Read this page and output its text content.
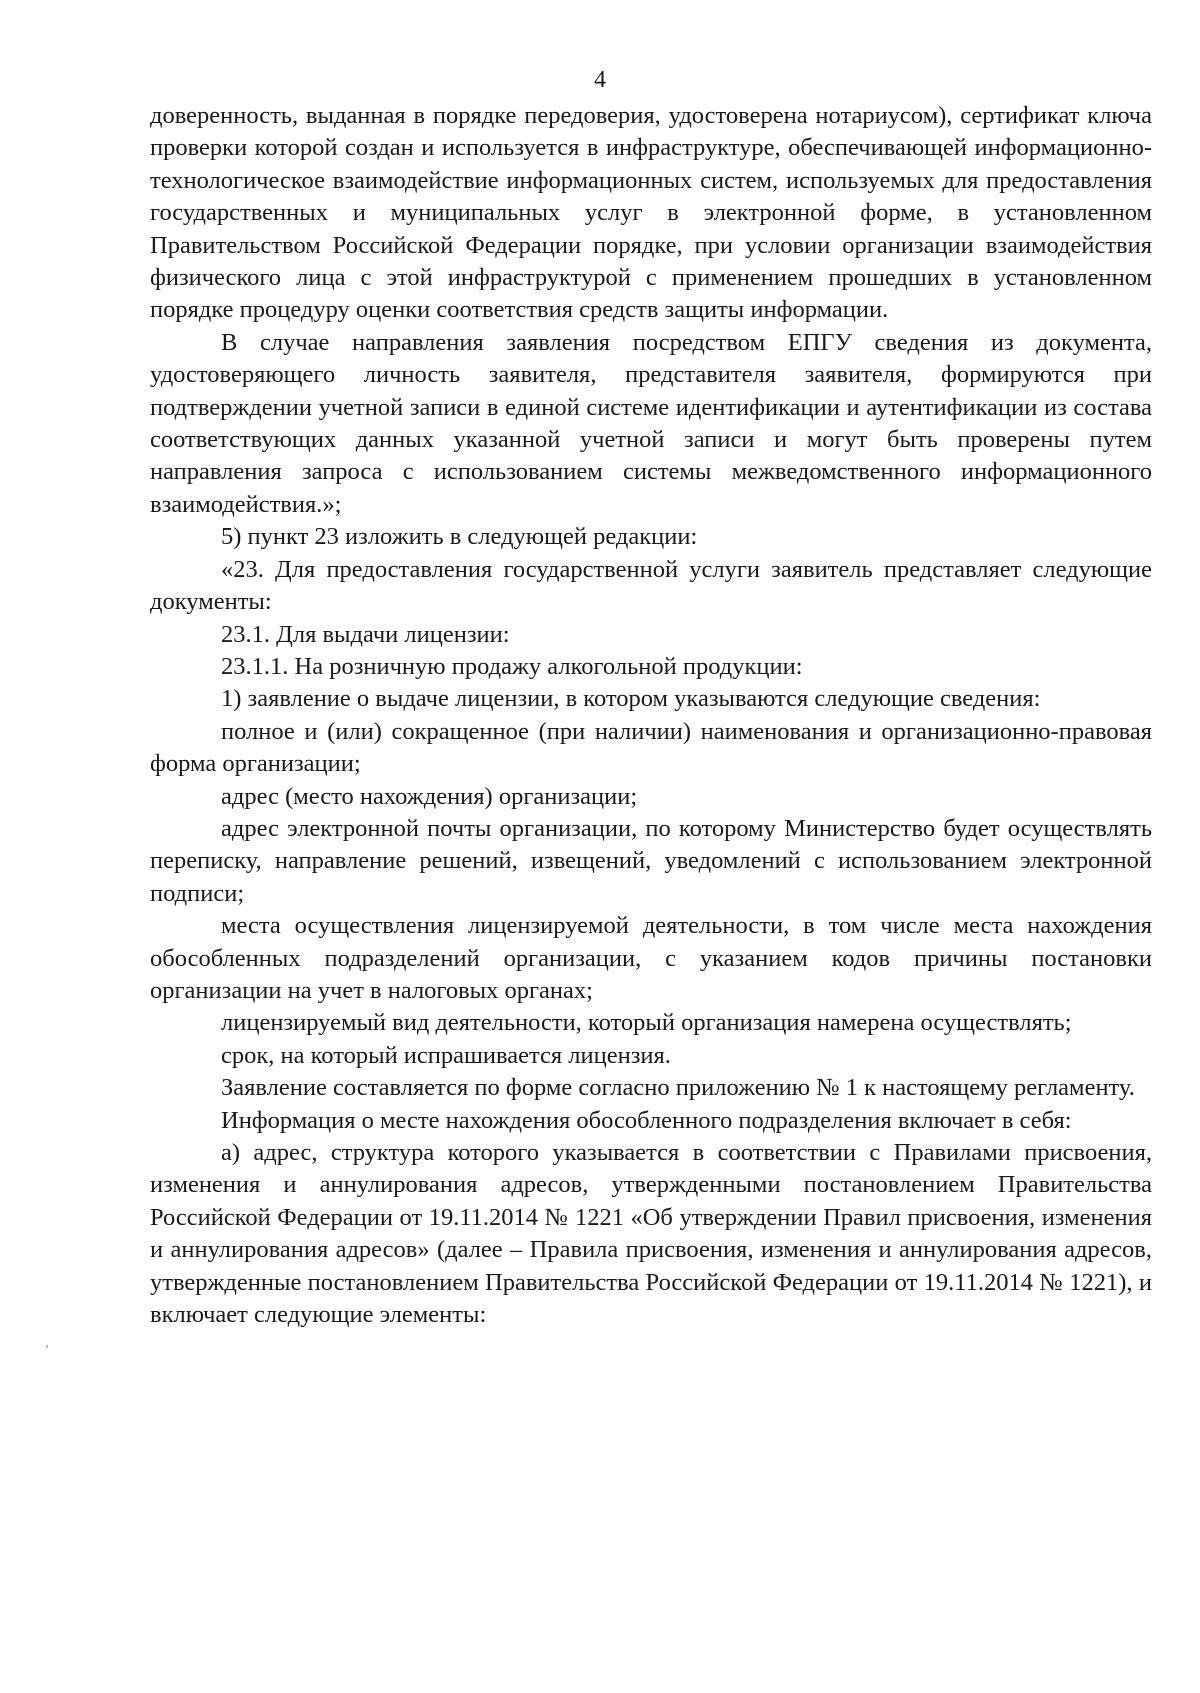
4

доверенность, выданная в порядке передоверия, удостоверена нотариусом), сертификат ключа проверки которой создан и используется в инфраструктуре, обеспечивающей информационно-технологическое взаимодействие информационных систем, используемых для предоставления государственных и муниципальных услуг в электронной форме, в установленном Правительством Российской Федерации порядке, при условии организации взаимодействия физического лица с этой инфраструктурой с применением прошедших в установленном порядке процедуру оценки соответствия средств защиты информации.

В случае направления заявления посредством ЕПГУ сведения из документа, удостоверяющего личность заявителя, представителя заявителя, формируются при подтверждении учетной записи в единой системе идентификации и аутентификации из состава соответствующих данных указанной учетной записи и могут быть проверены путем направления запроса с использованием системы межведомственного информационного взаимодействия.»;

5) пункт 23 изложить в следующей редакции:

«23. Для предоставления государственной услуги заявитель представляет следующие документы:

23.1. Для выдачи лицензии:

23.1.1. На розничную продажу алкогольной продукции:

1) заявление о выдаче лицензии, в котором указываются следующие сведения:

полное и (или) сокращенное (при наличии) наименования и организационно-правовая форма организации;

адрес (место нахождения) организации;

адрес электронной почты организации, по которому Министерство будет осуществлять переписку, направление решений, извещений, уведомлений с использованием электронной подписи;

места осуществления лицензируемой деятельности, в том числе места нахождения обособленных подразделений организации, с указанием кодов причины постановки организации на учет в налоговых органах;

лицензируемый вид деятельности, который организация намерена осуществлять;

срок, на который испрашивается лицензия.

Заявление составляется по форме согласно приложению № 1 к настоящему регламенту.

Информация о месте нахождения обособленного подразделения включает в себя:

а) адрес, структура которого указывается в соответствии с Правилами присвоения, изменения и аннулирования адресов, утвержденными постановлением Правительства Российской Федерации от 19.11.2014 № 1221 «Об утверждении Правил присвоения, изменения и аннулирования адресов» (далее – Правила присвоения, изменения и аннулирования адресов, утвержденные постановлением Правительства Российской Федерации от 19.11.2014 № 1221), и включает следующие элементы:
